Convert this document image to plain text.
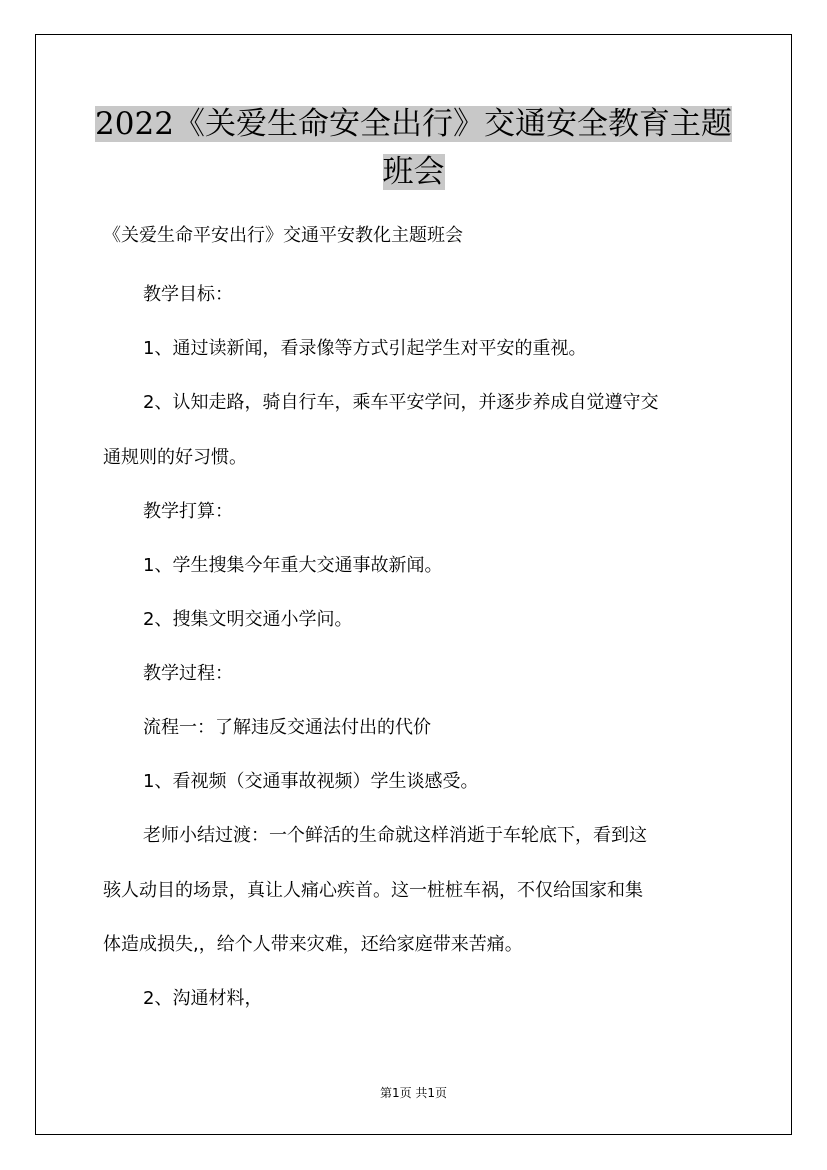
2022《关爱生命安全出行》交通安全教育主题
班会
《关爱生命平安出行》交通平安教化主题班会
教学目标：
1、通过读新闻，看录像等方式引起学生对平安的重视。
2、认知走路，骑自行车，乘车平安学问，并逐步养成自觉遵守交
通规则的好习惯。
教学打算：
1、学生搜集今年重大交通事故新闻。
2、搜集文明交通小学问。
教学过程：
流程一：了解违反交通法付出的代价
1、看视频（交通事故视频）学生谈感受。
老师小结过渡：一个鲜活的生命就这样消逝于车轮底下，看到这
骇人动目的场景，真让人痛心疾首。这一桩桩车祸，不仅给国家和集
体造成损失,，给个人带来灾难，还给家庭带来苦痛。
2、沟通材料，
第1页 共1页
